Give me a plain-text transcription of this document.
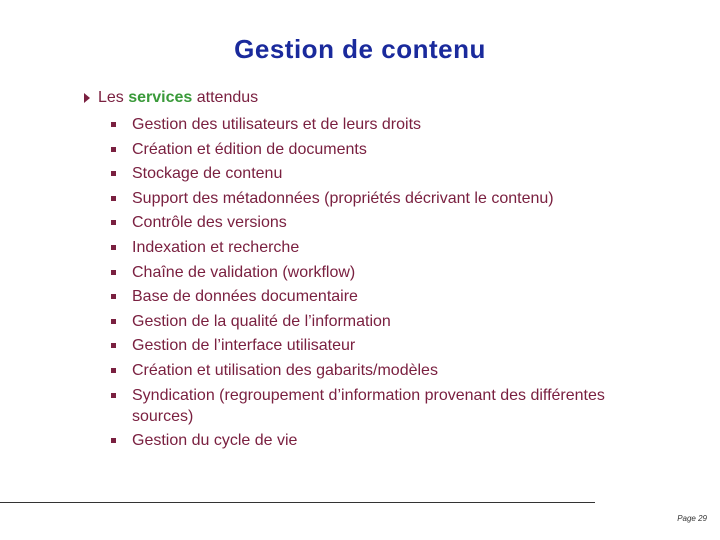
Gestion de contenu
Les
services
attendus
Gestion des utilisateurs et de leurs droits
Création et édition de documents
Stockage de contenu
Support des métadonnées (propriétés décrivant le contenu)
Contrôle des versions
Indexation et recherche
Chaîne de validation (workflow)
Base de données documentaire
Gestion de la qualité de l’information
Gestion de l’interface utilisateur
Création et utilisation des gabarits/modèles
Syndication (regroupement d’information provenant des différentes sources)
Gestion du cycle de vie
Page 29
